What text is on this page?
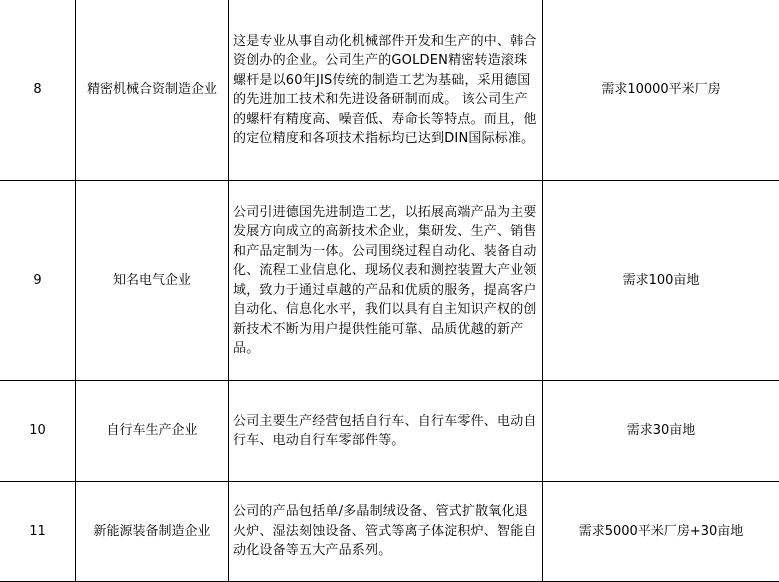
8	精密机械合资制造企业	这是专业从事自动化机械部件开发和生产的中、韩合资创办的企业。公司生产的GOLDEN精密转造滚珠螺杆是以60年JIS传统的制造工艺为基础，采用德国的先进加工技术和先进设备研制而成。 该公司生产的螺杆有精度高、噪音低、寿命长等特点。而且，他的定位精度和各项技术指标均已达到DIN国际标准。	需求10000平米厂房
9	知名电气企业	公司引进德国先进制造工艺，以拓展高端产品为主要发展方向成立的高新技术企业，集研发、生产、销售和产品定制为一体。公司围绕过程自动化、装备自动化、流程工业信息化、现场仪表和测控装置大产业领域，致力于通过卓越的产品和优质的服务，提高客户自动化、信息化水平，我们以具有自主知识产权的创新技术不断为用户提供性能可靠、品质优越的新产品。	需求100亩地
10	自行车生产企业	公司主要生产经营包括自行车、自行车零件、电动自行车、电动自行车零部件等。	需求30亩地
11	新能源装备制造企业	公司的产品包括单/多晶制绒设备、管式扩散氧化退火炉、湿法刻蚀设备、管式等离子体淀积炉、智能自动化设备等五大产品系列。	需求5000平米厂房+30亩地
